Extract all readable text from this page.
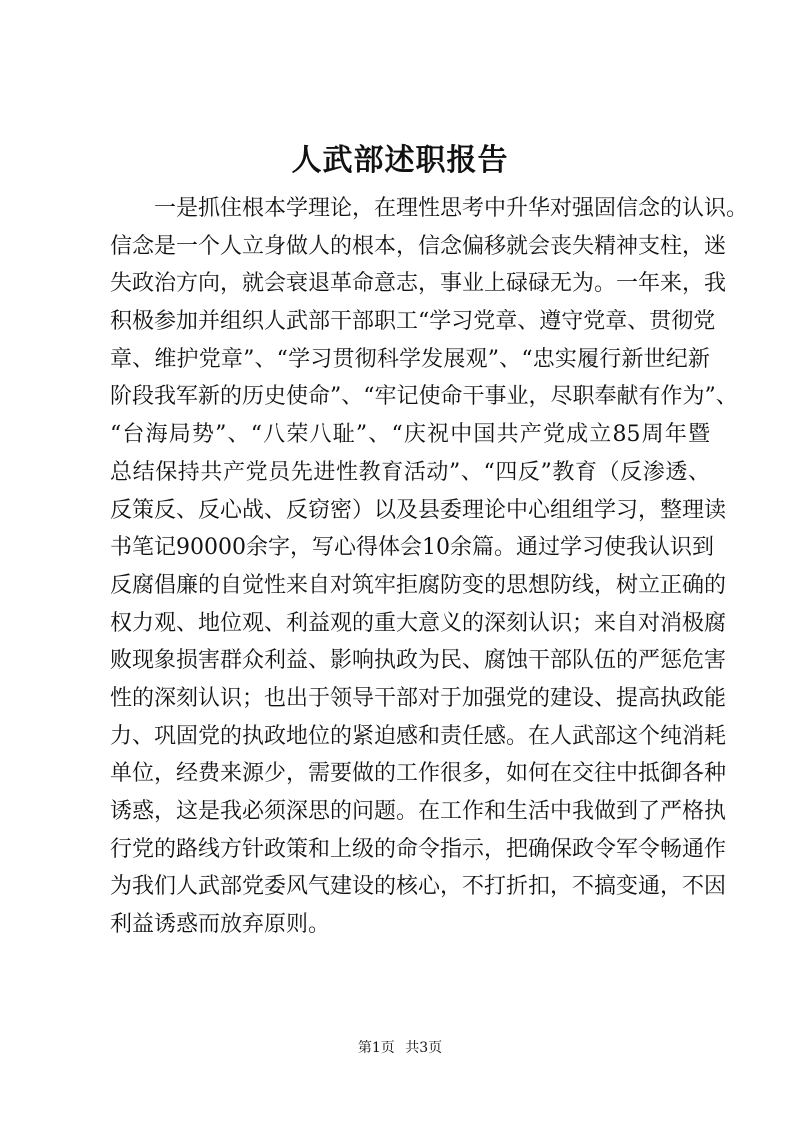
人武部述职报告
　　一是抓住根本学理论，在理性思考中升华对强固信念的认识。
信念是一个人立身做人的根本，信念偏移就会丧失精神支柱，迷
失政治方向，就会衰退革命意志，事业上碌碌无为。一年来，我
积极参加并组织人武部干部职工“学习党章、遵守党章、贯彻党
章、维护党章”、“学习贯彻科学发展观”、“忠实履行新世纪新
阶段我军新的历史使命”、“牢记使命干事业，尽职奉献有作为”、
“台海局势”、“八荣八耻”、“庆祝中国共产党成立85周年暨
总结保持共产党员先进性教育活动”、“四反”教育（反渗透、
反策反、反心战、反窃密）以及县委理论中心组组学习，整理读
书笔记90000余字，写心得体会10余篇。通过学习使我认识到
反腐倡廉的自觉性来自对筑牢拒腐防变的思想防线，树立正确的
权力观、地位观、利益观的重大意义的深刻认识；来自对消极腐
败现象损害群众利益、影响执政为民、腐蚀干部队伍的严惩危害
性的深刻认识；也出于领导干部对于加强党的建设、提高执政能
力、巩固党的执政地位的紧迫感和责任感。在人武部这个纯消耗
单位，经费来源少，需要做的工作很多，如何在交往中抵御各种
诱惑，这是我必须深思的问题。在工作和生活中我做到了严格执
行党的路线方针政策和上级的命令指示，把确保政令军令畅通作
为我们人武部党委风气建设的核心，不打折扣，不搞变通，不因
利益诱惑而放弃原则。
第1页 共3页
